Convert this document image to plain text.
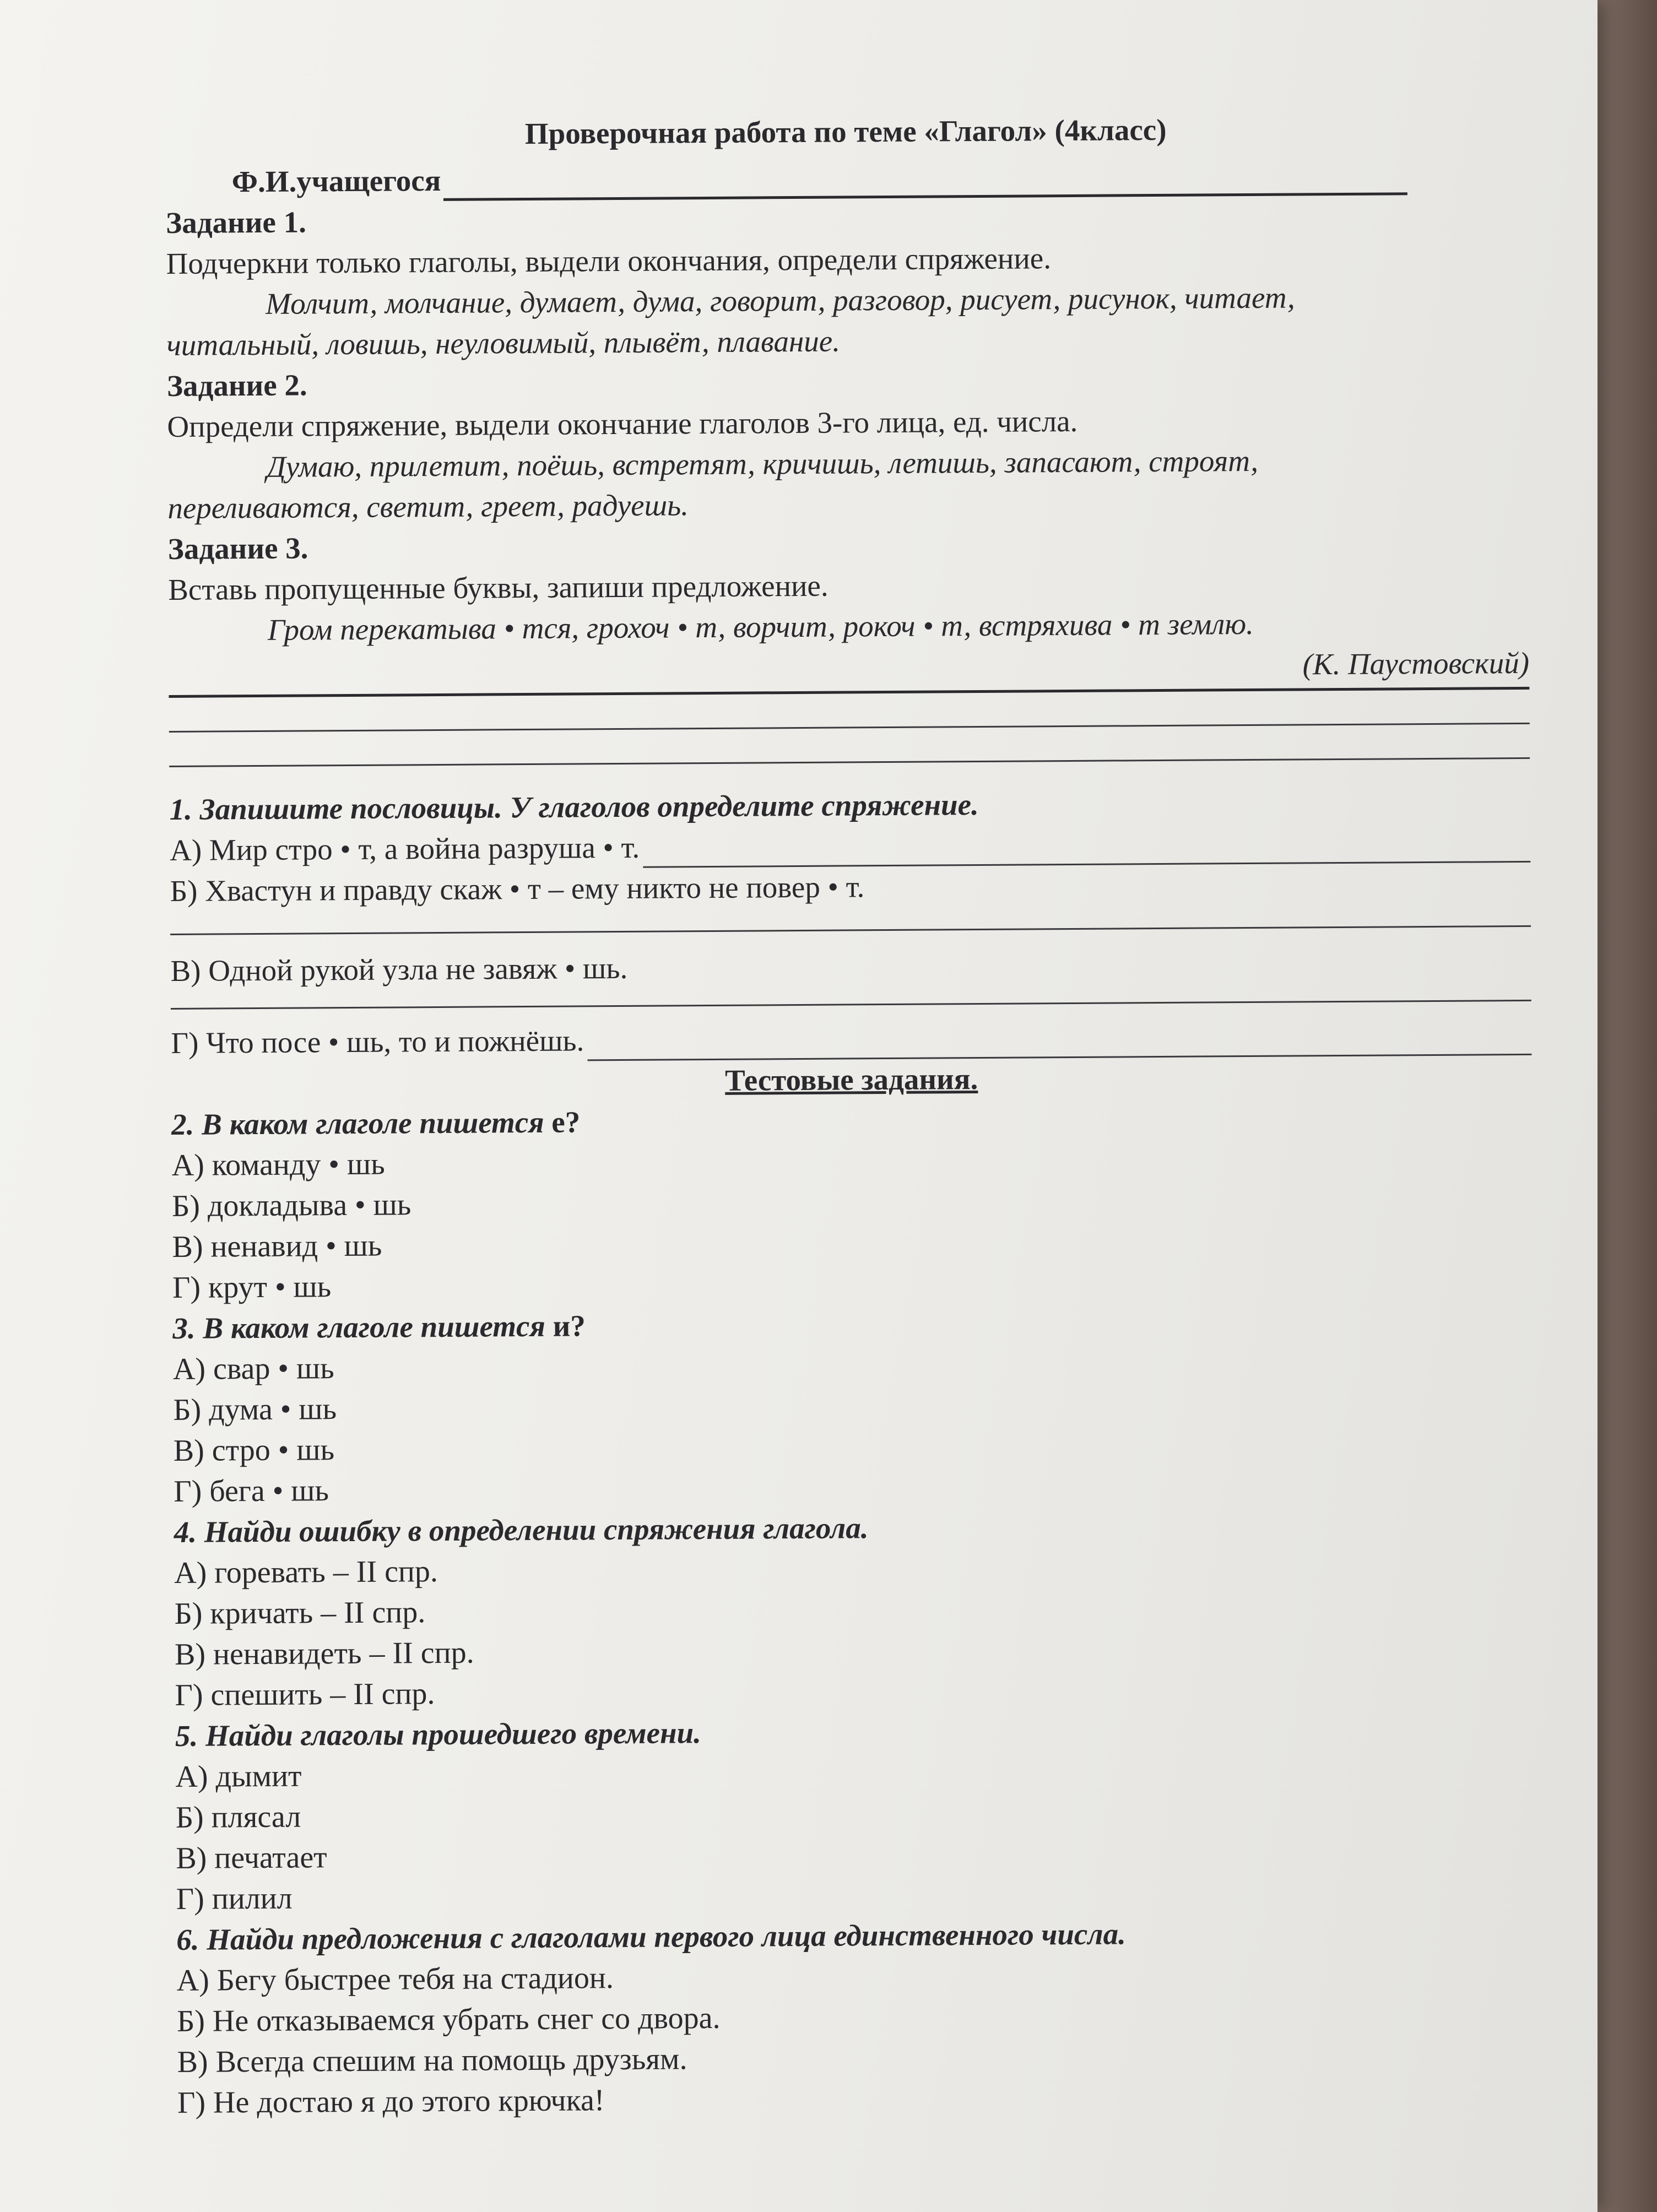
Проверочная работа по теме «Глагол» (4класс)
Ф.И.учащегося
Задание 1.
Подчеркни только глаголы, выдели окончания, определи спряжение.
Молчит, молчание, думает, дума, говорит, разговор, рисует, рисунок, читает,
читальный, ловишь, неуловимый, плывёт, плавание.
Задание 2.
Определи спряжение, выдели окончание глаголов 3-го лица, ед. числа.
Думаю, прилетит, поёшь, встретят, кричишь, летишь, запасают, строят,
переливаются, светит, греет, радуешь.
Задание 3.
Вставь пропущенные буквы, запиши предложение.
Гром перекатыва • тся, грохоч • т, ворчит, рокоч • т, встряхива • т землю.
(К. Паустовский)
1. Запишите пословицы. У глаголов определите спряжение.
А) Мир стро • т, а война разруша • т.
Б) Хвастун и правду скаж • т – ему никто не повер • т.
В) Одной рукой узла не завяж • шь.
Г) Что посе • шь, то и пожнёшь.
Тестовые задания.
2. В каком глаголе пишется е?
А) команду • шь
Б) докладыва • шь
В) ненавид • шь
Г) крут • шь
3. В каком глаголе пишется и?
А) свар • шь
Б) дума • шь
В) стро • шь
Г) бега • шь
4. Найди ошибку в определении спряжения глагола.
А) горевать – II спр.
Б) кричать – II спр.
В) ненавидеть – II спр.
Г) спешить – II спр.
5. Найди глаголы прошедшего времени.
А) дымит
Б) плясал
В) печатает
Г) пилил
6. Найди предложения с глаголами первого лица единственного числа.
А) Бегу быстрее тебя на стадион.
Б) Не отказываемся убрать снег со двора.
В) Всегда спешим на помощь друзьям.
Г) Не достаю я до этого крючка!
